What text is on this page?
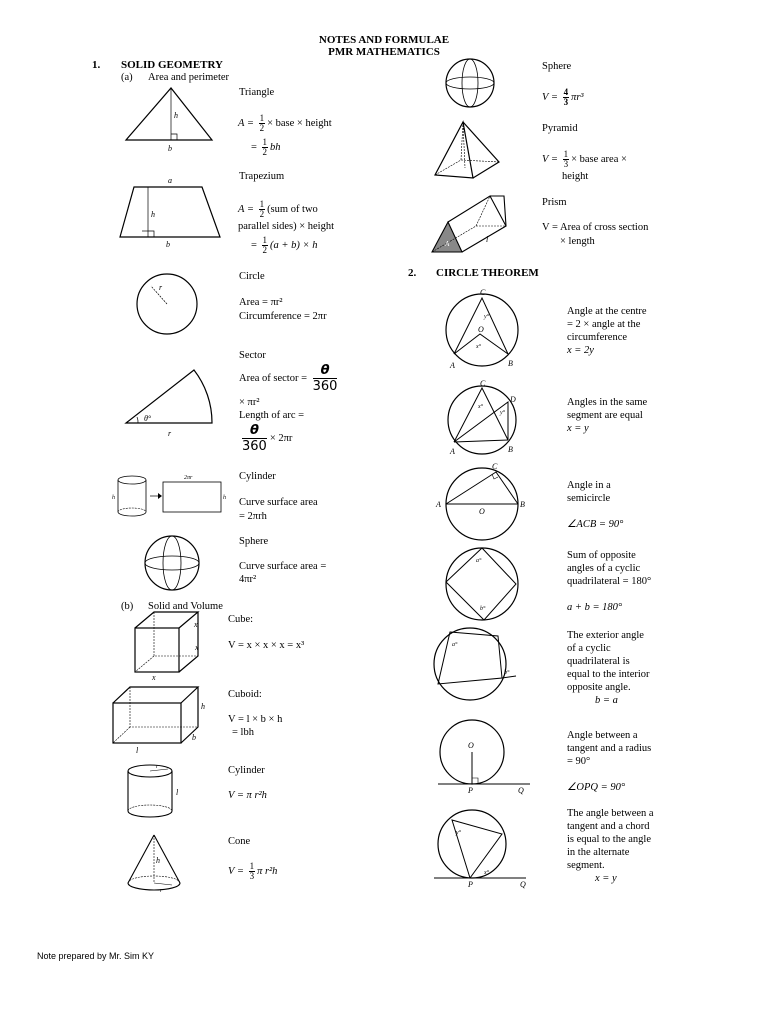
NOTES AND FORMULAE
PMR MATHEMATICS
1. SOLID GEOMETRY
(a) Area and perimeter
h
b
Triangle
$A = \frac{1}{2}$ × base × height
= $\frac{1}{2}$ bh
a
h
b
Trapezium
$A = \frac{1}{2} (sum$ of two
parallel sides) × height
= $\frac{1}{2} (a + b) \times h$
r
Circle
Area = πr²
Circumference = 2πr
θ°
r
Sector
Area of sector = $\frac{\theta}{360}$
× πr²
Length of arc =
$\frac{\theta}{360} \times 2\pi r$
2πr
h	h
Cylinder
Curve surface area
= 2πrh
Sphere
Curve surface area =
4πr²
(b) Solid and Volume
x
x
x	Cube:
V = x × x × x = x³
l
b
h
Cuboid:
V = l × b × h
= lbh
r
l
Cylinder
V = π r²h
h
r
Cone
$V = \frac{1}{3}$ π r²h
Sphere
$V = \frac{4}{3} \pi r^3$
Pyramid
$V = \frac{1}{3}$ × base area ×
height
A	l
Prism
V = Area of cross section
× length
2. CIRCLE THEOREM
C
O
A	B
y°
x°
Angle at the centre
= 2 × angle at the
circumference
x = 2y
C
D
A	B
x°
y°
Angles in the same
segment are equal
x = y
C
A	B
O
Angle in a
semicircle
∠ACB = 90°
a°
b°
Sum of opposite
angles of a cyclic
quadrilateral = 180°
a + b = 180°
a°
b°
The exterior angle
of a cyclic
quadrilateral is
equal to the interior
opposite angle.
b = a
O
P	Q
Angle between a
tangent and a radius
= 90°
∠OPQ = 90°
y°
x°
P	Q
The angle between a
tangent and a chord
is equal to the angle
in the alternate
segment.
x = y
Note prepared by Mr. Sim KY
